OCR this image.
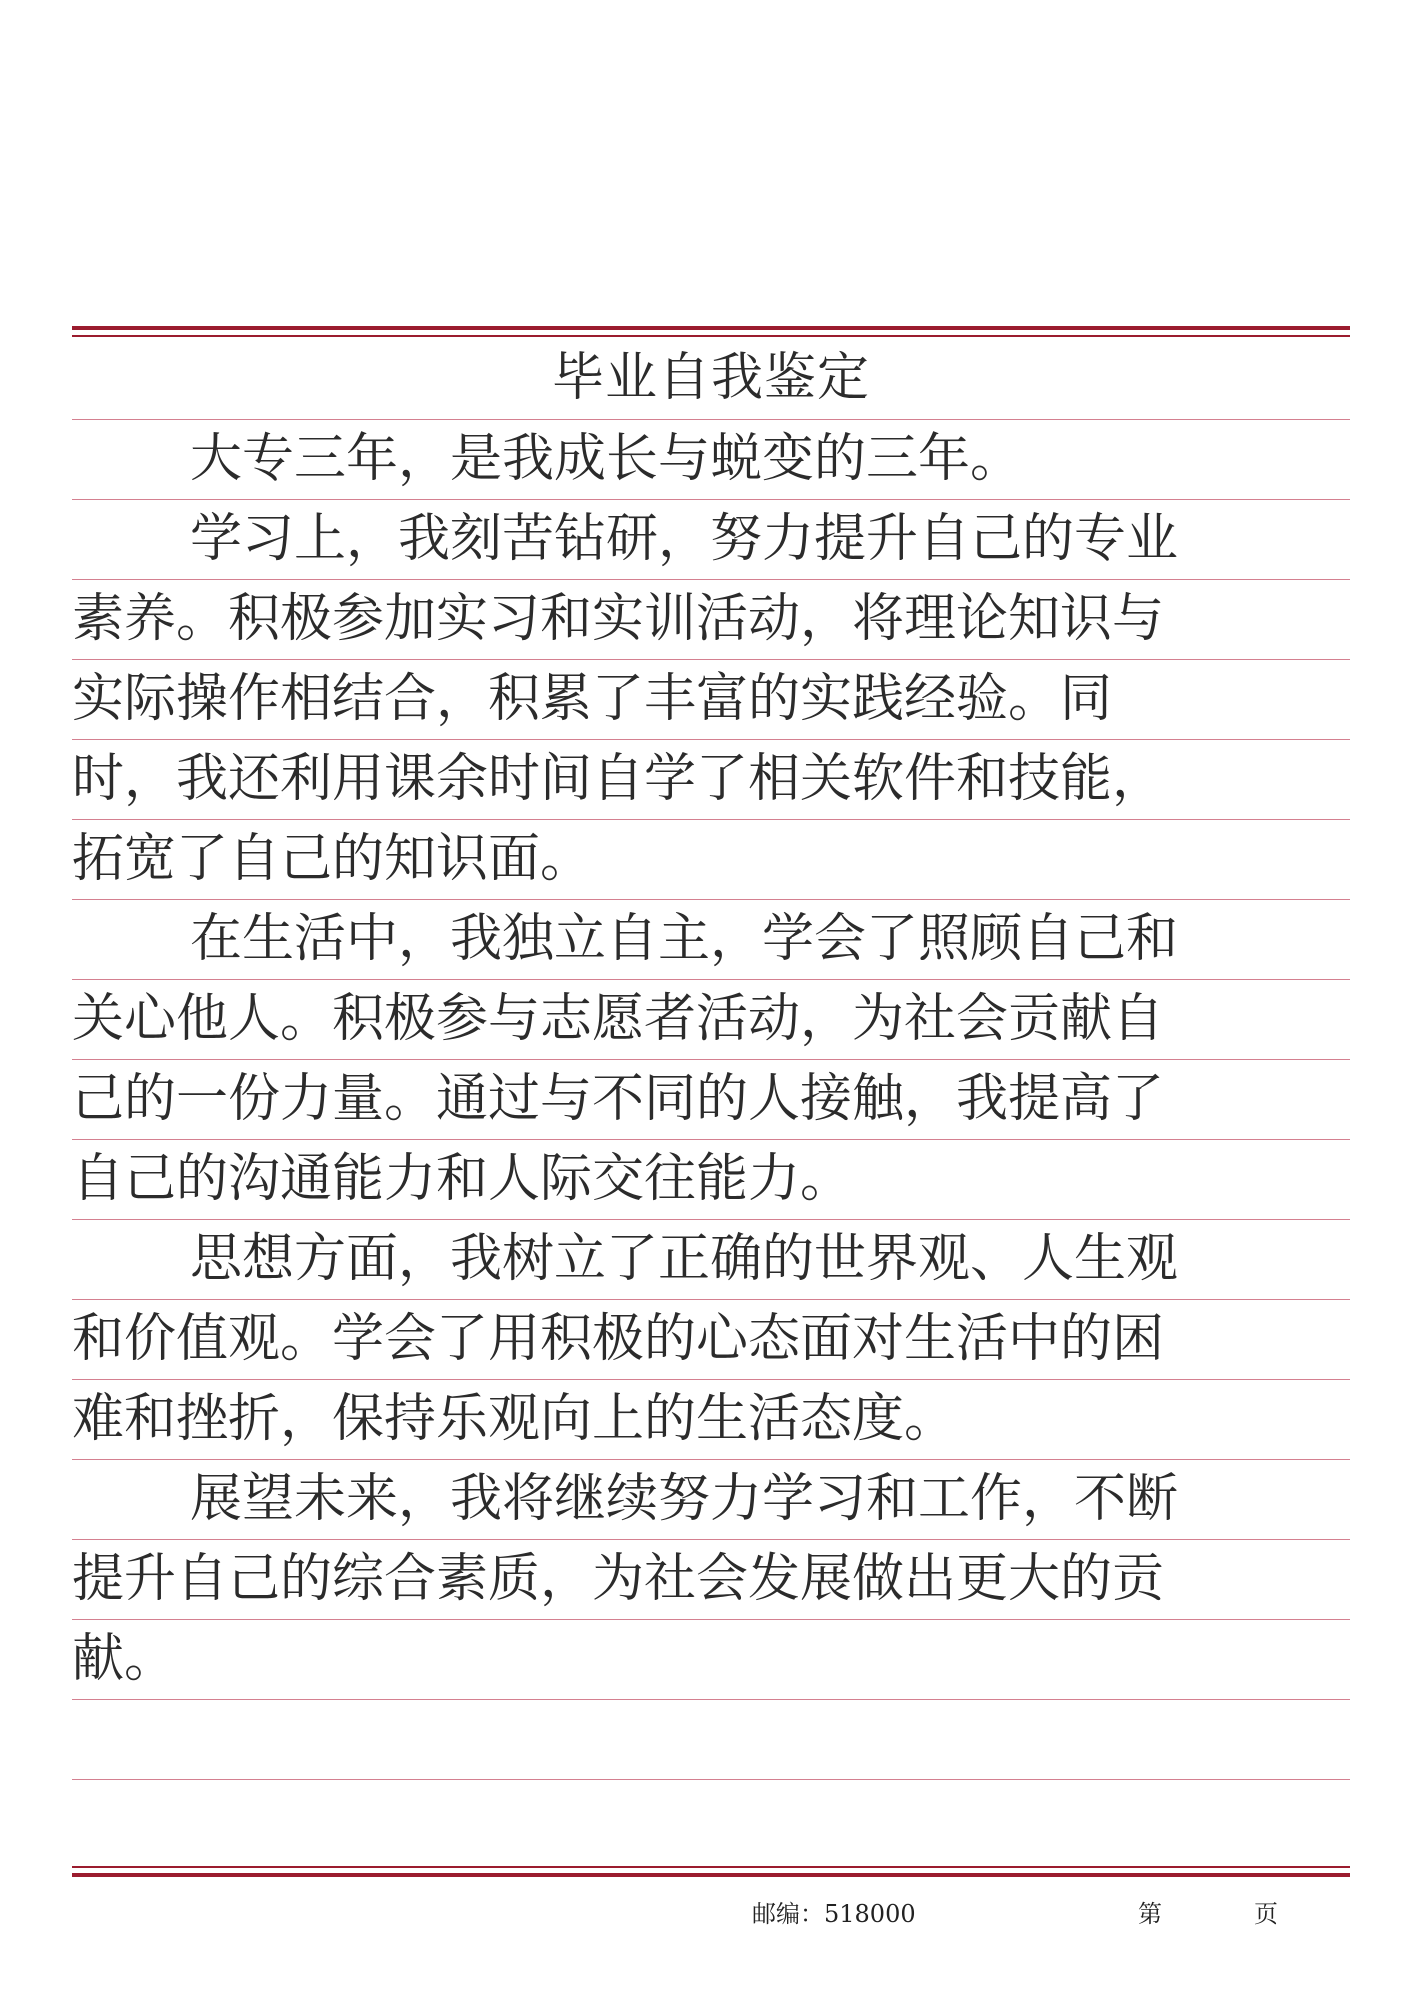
毕业自我鉴定
大专三年，是我成长与蜕变的三年。
学习上，我刻苦钻研，努力提升自己的专业
素养。积极参加实习和实训活动，将理论知识与
实际操作相结合，积累了丰富的实践经验。同
时，我还利用课余时间自学了相关软件和技能，
拓宽了自己的知识面。
在生活中，我独立自主，学会了照顾自己和
关心他人。积极参与志愿者活动，为社会贡献自
己的一份力量。通过与不同的人接触，我提高了
自己的沟通能力和人际交往能力。
思想方面，我树立了正确的世界观、人生观
和价值观。学会了用积极的心态面对生活中的困
难和挫折，保持乐观向上的生活态度。
展望未来，我将继续努力学习和工作，不断
提升自己的综合素质，为社会发展做出更大的贡
献。
邮编：518000	第	页
